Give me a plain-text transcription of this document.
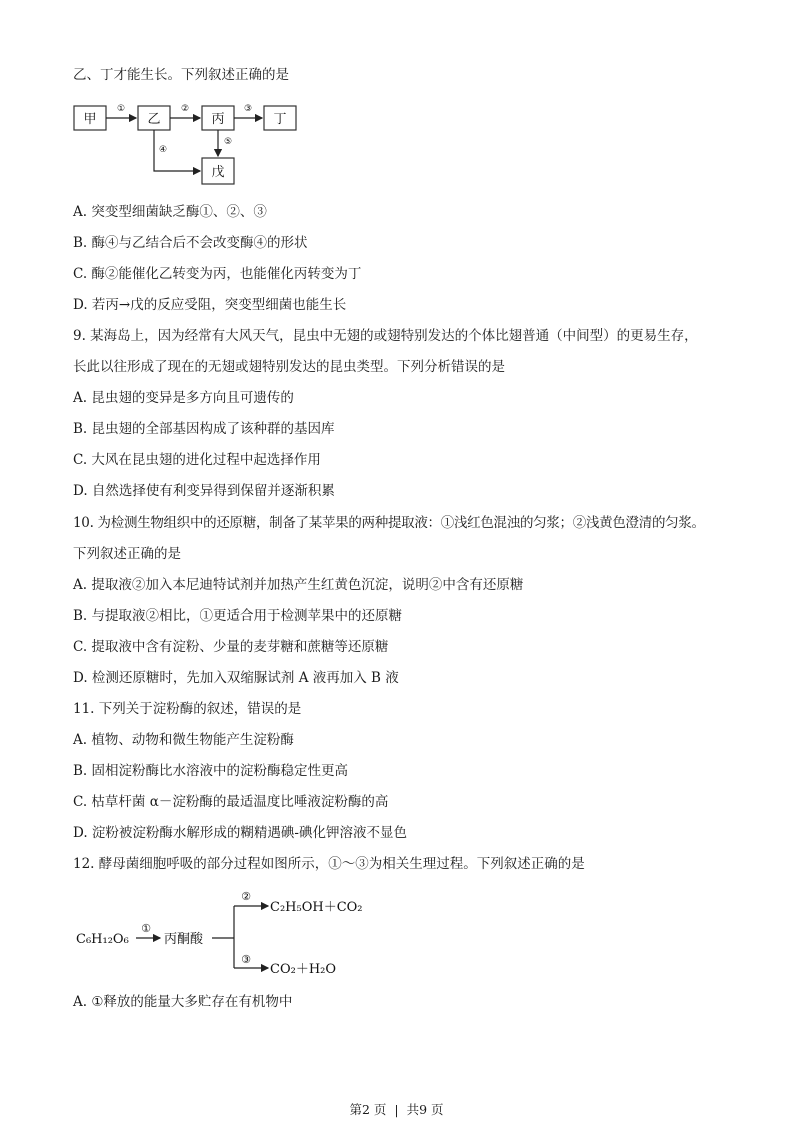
乙、丁才能生长。下列叙述正确的是
甲	乙	丙	丁
戊
①	②	③
④
⑤
A. 突变型细菌缺乏酶①、②、③
B. 酶④与乙结合后不会改变酶④的形状
C. 酶②能催化乙转变为丙，也能催化丙转变为丁
D. 若丙→戊的反应受阻，突变型细菌也能生长
9. 某海岛上，因为经常有大风天气，昆虫中无翅的或翅特别发达的个体比翅普通（中间型）的更易生存，
长此以往形成了现在的无翅或翅特别发达的昆虫类型。下列分析错误的是
A. 昆虫翅的变异是多方向且可遗传的
B. 昆虫翅的全部基因构成了该种群的基因库
C. 大风在昆虫翅的进化过程中起选择作用
D. 自然选择使有利变异得到保留并逐渐积累
10. 为检测生物组织中的还原糖，制备了某苹果的两种提取液：①浅红色混浊的匀浆；②浅黄色澄清的匀浆。
下列叙述正确的是
A. 提取液②加入本尼迪特试剂并加热产生红黄色沉淀，说明②中含有还原糖
B. 与提取液②相比，①更适合用于检测苹果中的还原糖
C. 提取液中含有淀粉、少量的麦芽糖和蔗糖等还原糖
D. 检测还原糖时，先加入双缩脲试剂 A 液再加入 B 液
11. 下列关于淀粉酶的叙述，错误的是
A. 植物、动物和微生物能产生淀粉酶
B. 固相淀粉酶比水溶液中的淀粉酶稳定性更高
C. 枯草杆菌 α－淀粉酶的最适温度比唾液淀粉酶的高
D. 淀粉被淀粉酶水解形成的糊精遇碘-碘化钾溶液不显色
12. 酵母菌细胞呼吸的部分过程如图所示，①～③为相关生理过程。下列叙述正确的是
C₆H₁₂O₆	丙酮酸
C₂H₅OH＋CO₂
CO₂＋H₂O
①
②
③
A. ①释放的能量大多贮存在有机物中
第2 页 | 共9 页
